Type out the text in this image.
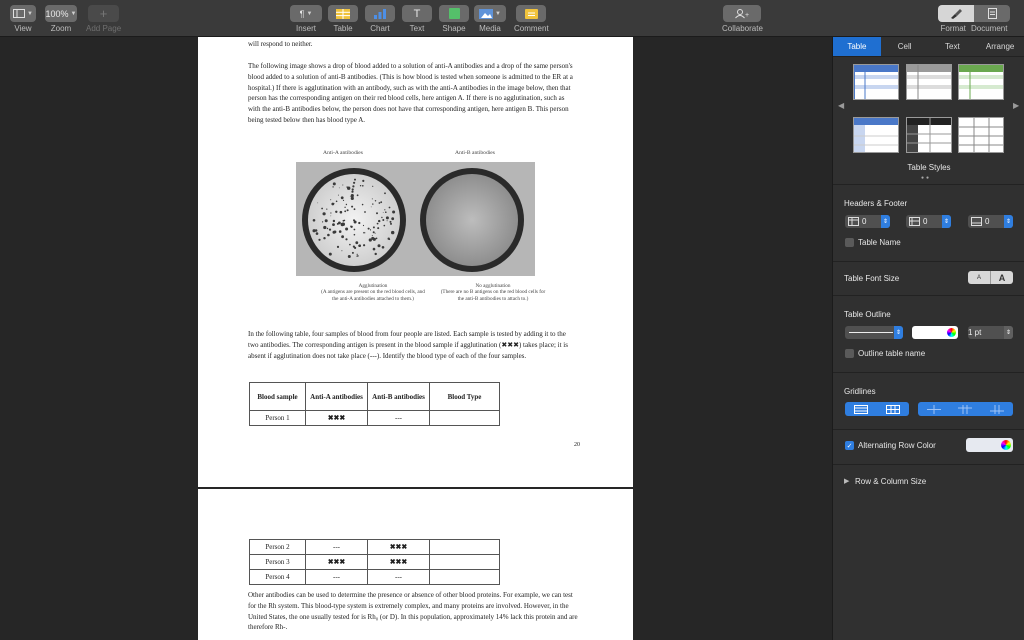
▼
View
100% ▼
Zoom
+
Add Page
¶ ▼
Insert Table Chart
T
Text Shape
▼
Media Comment
+
Collaborate	Format Document
will respond to neither.
The following image shows a drop of blood added to a solution of anti-A antibodies and a drop of the same person's blood added to a solution of anti-B antibodies. (This is how blood is tested when someone is admitted to the ER at a hospital.) If there is agglutination with an antibody, such as with the anti-A antibodies in the image below, then that person has the corresponding antigen on their red blood cells, here antigen A. If there is no agglutination, such as with the anti-B antibodies below, the person does not have that corresponding antigen, here antigen B. This person being tested below then has blood type A.
Anti-A antibodies	Anti-B antibodies
Agglutination
(A antigens are present on the red blood cells, and the anti-A antibodies attached to them.)
No agglutination
(There are no B antigens on the red blood cells for the anti-B antibodies to attach to.)
In the following table, four samples of blood from four people are listed. Each sample is tested by adding it to the two antibodies. The corresponding antigen is present in the blood sample if agglutination (✖✖✖) takes place; it is absent if agglutination does not take place (---). Identify the blood type of each of the four samples.
Blood sample	Anti-A antibodies	Anti-B antibodies	Blood Type
Person 1	✖✖✖	---	
20
Person 2	---	✖✖✖	
Person 3	✖✖✖	✖✖✖	
Person 4	---	---	
Other antibodies can be used to determine the presence or absence of other blood proteins. For example, we can test for the Rh system. This blood-type system is extremely complex, and many proteins are involved. However, in the United States, the one usually tested for is Rh₀ (or D). In this population, approximately 14% lack this protein and are therefore Rh-.
Table	Cell	Text	Arrange
◀	▶
Table Styles
●●
Headers & Footer
0	⇕	0	⇕	0	⇕
Table Name
Table Font Size	A	A
Table Outline
⇕	1 pt	⇕
Outline table name
Gridlines
✓ Alternating Row Color
▶ Row & Column Size
